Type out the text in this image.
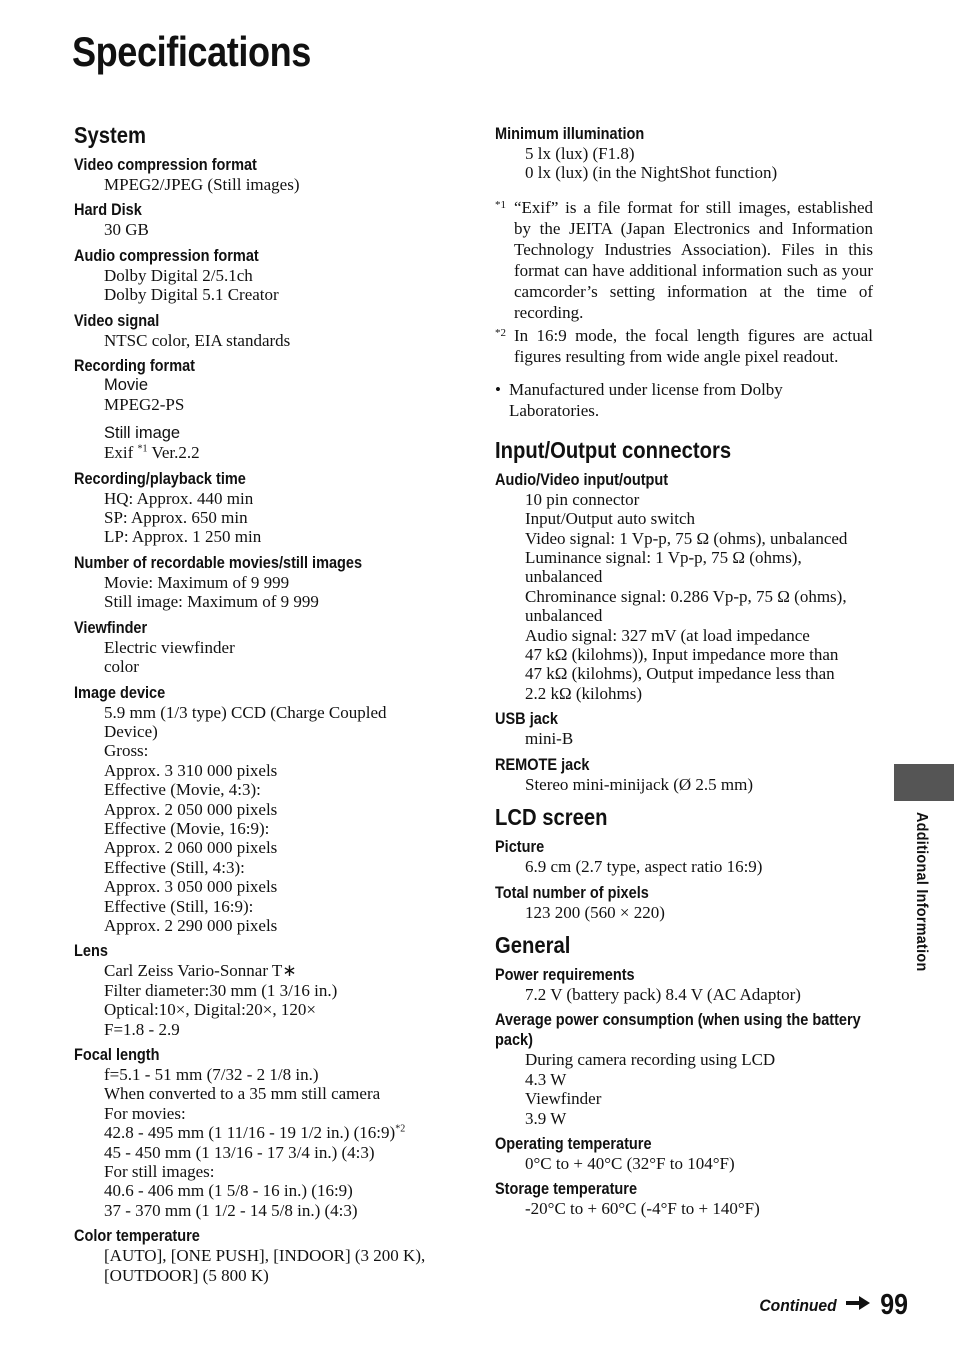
Specifications
System
Video compression format
MPEG2/JPEG (Still images)
Hard Disk
30 GB
Audio compression format
Dolby Digital 2/5.1ch
Dolby Digital 5.1 Creator
Video signal
NTSC color, EIA standards
Recording format
Movie
MPEG2-PS
Still image
Exif $^{*1}$ Ver.2.2
Recording/playback time
HQ: Approx. 440 min
SP: Approx. 650 min
LP: Approx. 1 250 min
Number of recordable movies/still images
Movie: Maximum of 9 999
Still image: Maximum of 9 999
Viewfinder
Electric viewfinder
color
Image device
5.9 mm (1/3 type) CCD (Charge Coupled
Device)
Gross:
Approx. 3 310 000 pixels
Effective (Movie, 4:3):
Approx. 2 050 000 pixels
Effective (Movie, 16:9):
Approx. 2 060 000 pixels
Effective (Still, 4:3):
Approx. 3 050 000 pixels
Effective (Still, 16:9):
Approx. 2 290 000 pixels
Lens
Carl Zeiss Vario-Sonnar T∗
Filter diameter:30 mm (1 3/16 in.)
Optical:10×, Digital:20×, 120×
F=1.8 - 2.9
Focal length
f=5.1 - 51 mm (7/32 - 2 1/8 in.)
When converted to a 35 mm still camera
For movies:
42.8 - 495 mm (1 11/16 - 19 1/2 in.) (16:9)$^{*2}$
45 - 450 mm (1 13/16 - 17 3/4 in.) (4:3)
For still images:
40.6 - 406 mm (1 5/8 - 16 in.) (16:9)
37 - 370 mm (1 1/2 - 14 5/8 in.) (4:3)
Color temperature
[AUTO], [ONE PUSH], [INDOOR] (3 200 K),
[OUTDOOR] (5 800 K)
Minimum illumination
5 lx (lux) (F1.8)
0 lx (lux) (in the NightShot function)
*1 “Exif” is a file format for still images, established by the JEITA (Japan Electronics and Information Technology Industries Association). Files in this format can have additional information such as your camcorder’s setting information at the time of recording.
*2 In 16:9 mode, the focal length figures are actual figures resulting from wide angle pixel readout.
• Manufactured under license from Dolby Laboratories.
Input/Output connectors
Audio/Video input/output
10 pin connector
Input/Output auto switch
Video signal: 1 Vp-p, 75 Ω (ohms), unbalanced
Luminance signal: 1 Vp-p, 75 Ω (ohms),
unbalanced
Chrominance signal: 0.286 Vp-p, 75 Ω (ohms),
unbalanced
Audio signal: 327 mV (at load impedance
47 kΩ (kilohms)), Input impedance more than
47 kΩ (kilohms), Output impedance less than
2.2 kΩ (kilohms)
USB jack
mini-B
REMOTE jack
Stereo mini-minijack (Ø 2.5 mm)
LCD screen
Picture
6.9 cm (2.7 type, aspect ratio 16:9)
Total number of pixels
123 200 (560 × 220)
General
Power requirements
7.2 V (battery pack) 8.4 V (AC Adaptor)
Average power consumption (when using the battery pack)
During camera recording using LCD
4.3 W
Viewfinder
3.9 W
Operating temperature
0°C to + 40°C (32°F to 104°F)
Storage temperature
-20°C to + 60°C (-4°F to + 140°F)
Additional Information
Continued 99
